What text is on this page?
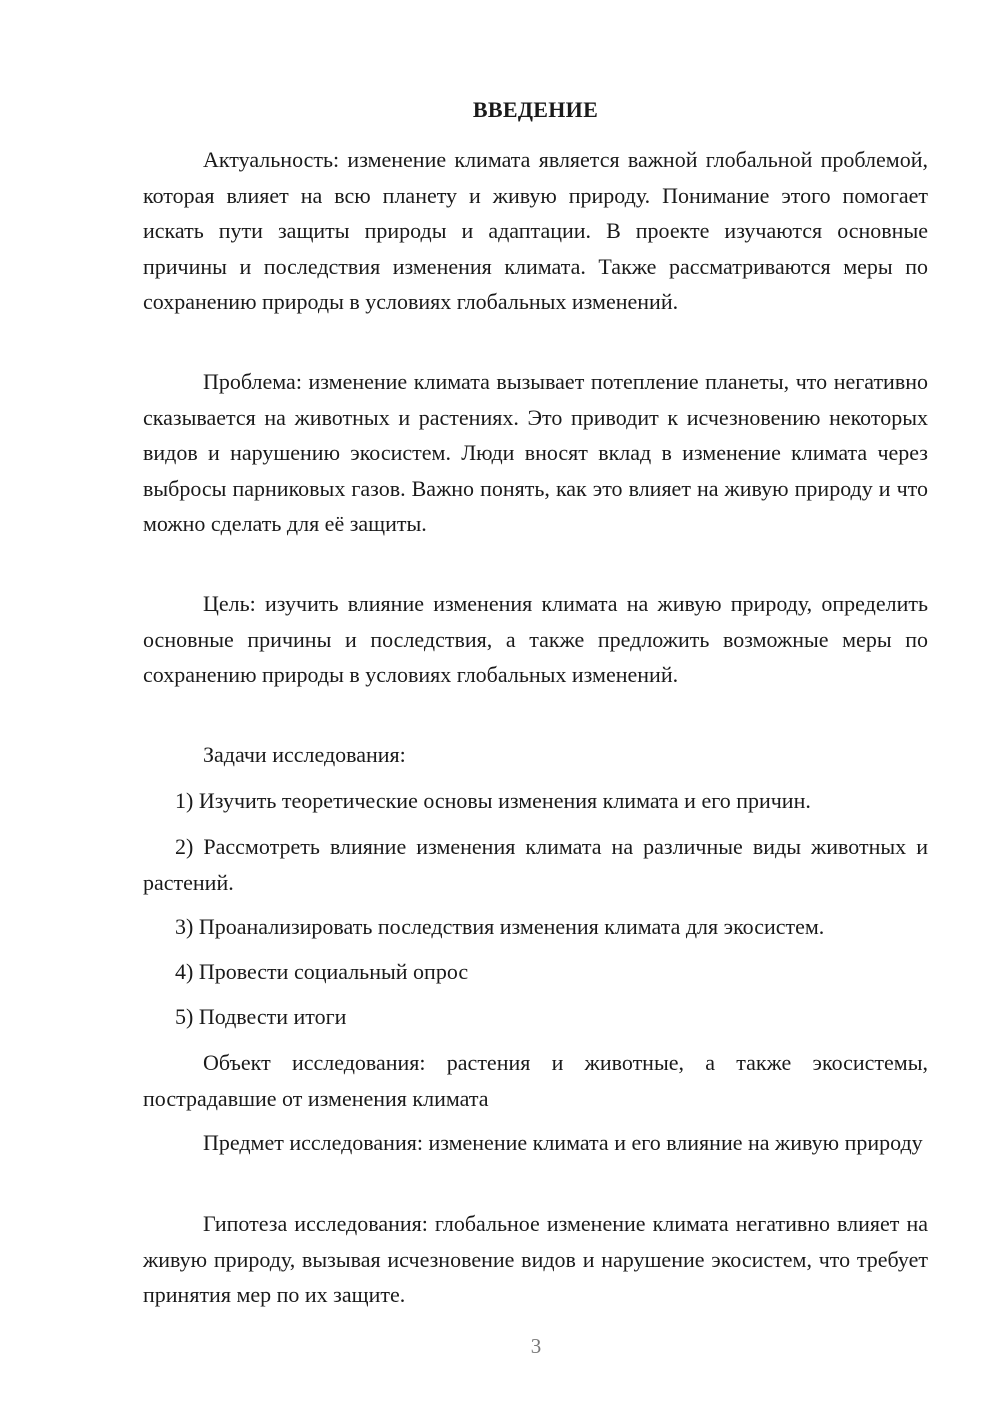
ВВЕДЕНИЕ

Актуальность: изменение климата является важной глобальной проблемой, которая влияет на всю планету и живую природу. Понимание этого помогает искать пути защиты природы и адаптации. В проекте изучаются основные причины и последствия изменения климата. Также рассматриваются меры по сохранению природы в условиях глобальных изменений.

Проблема: изменение климата вызывает потепление планеты, что негативно сказывается на животных и растениях. Это приводит к исчезновению некоторых видов и нарушению экосистем. Люди вносят вклад в изменение климата через выбросы парниковых газов. Важно понять, как это влияет на живую природу и что можно сделать для её защиты.

Цель: изучить влияние изменения климата на живую природу, определить основные причины и последствия, а также предложить возможные меры по сохранению природы в условиях глобальных изменений.

Задачи исследования:

1) Изучить теоретические основы изменения климата и его причин.

2) Рассмотреть влияние изменения климата на различные виды животных и растений.

3) Проанализировать последствия изменения климата для экосистем.

4) Провести социальный опрос

5) Подвести итоги

Объект исследования: растения и животные, а также экосистемы, пострадавшие от изменения климата

Предмет исследования: изменение климата и его влияние на живую природу

Гипотеза исследования: глобальное изменение климата негативно влияет на живую природу, вызывая исчезновение видов и нарушение экосистем, что требует принятия мер по их защите.

3
